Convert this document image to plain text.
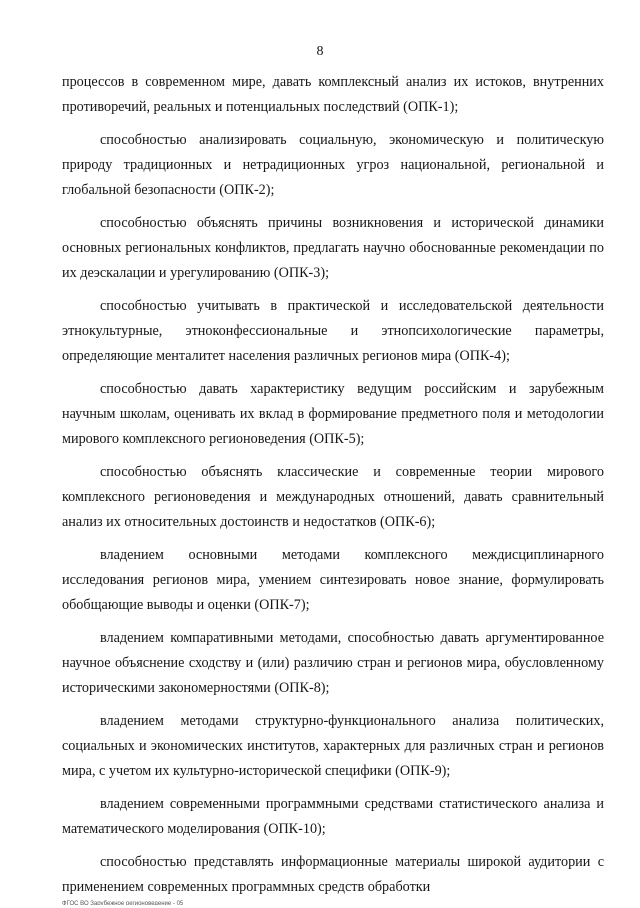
8

процессов в современном мире, давать комплексный анализ их истоков, внутренних противоречий, реальных и потенциальных последствий (ОПК-1);

способностью анализировать социальную, экономическую и политическую природу традиционных и нетрадиционных угроз национальной, региональной и глобальной безопасности (ОПК-2);

способностью объяснять причины возникновения и исторической динамики основных региональных конфликтов, предлагать научно обоснованные рекомендации по их деэскалации и урегулированию (ОПК-3);

способностью учитывать в практической и исследовательской деятельности этнокультурные, этноконфессиональные и этнопсихологические параметры, определяющие менталитет населения различных регионов мира (ОПК-4);

способностью давать характеристику ведущим российским и зарубежным научным школам, оценивать их вклад в формирование предметного поля и методологии мирового комплексного регионоведения (ОПК-5);

способностью объяснять классические и современные теории мирового комплексного регионоведения и международных отношений, давать сравнительный анализ их относительных достоинств и недостатков (ОПК-6);

владением основными методами комплексного междисциплинарного исследования регионов мира, умением синтезировать новое знание, формулировать обобщающие выводы и оценки (ОПК-7);

владением компаративными методами, способностью давать аргументированное научное объяснение сходству и (или) различию стран и регионов мира, обусловленному историческими закономерностями (ОПК-8);

владением методами структурно-функционального анализа политических, социальных и экономических институтов, характерных для различных стран и регионов мира, с учетом их культурно-исторической специфики (ОПК-9);

владением современными программными средствами статистического анализа и математического моделирования (ОПК-10);

способностью представлять информационные материалы широкой аудитории с применением современных программных средств обработки

ФГОС ВО Зарубежное регионоведение - 05
